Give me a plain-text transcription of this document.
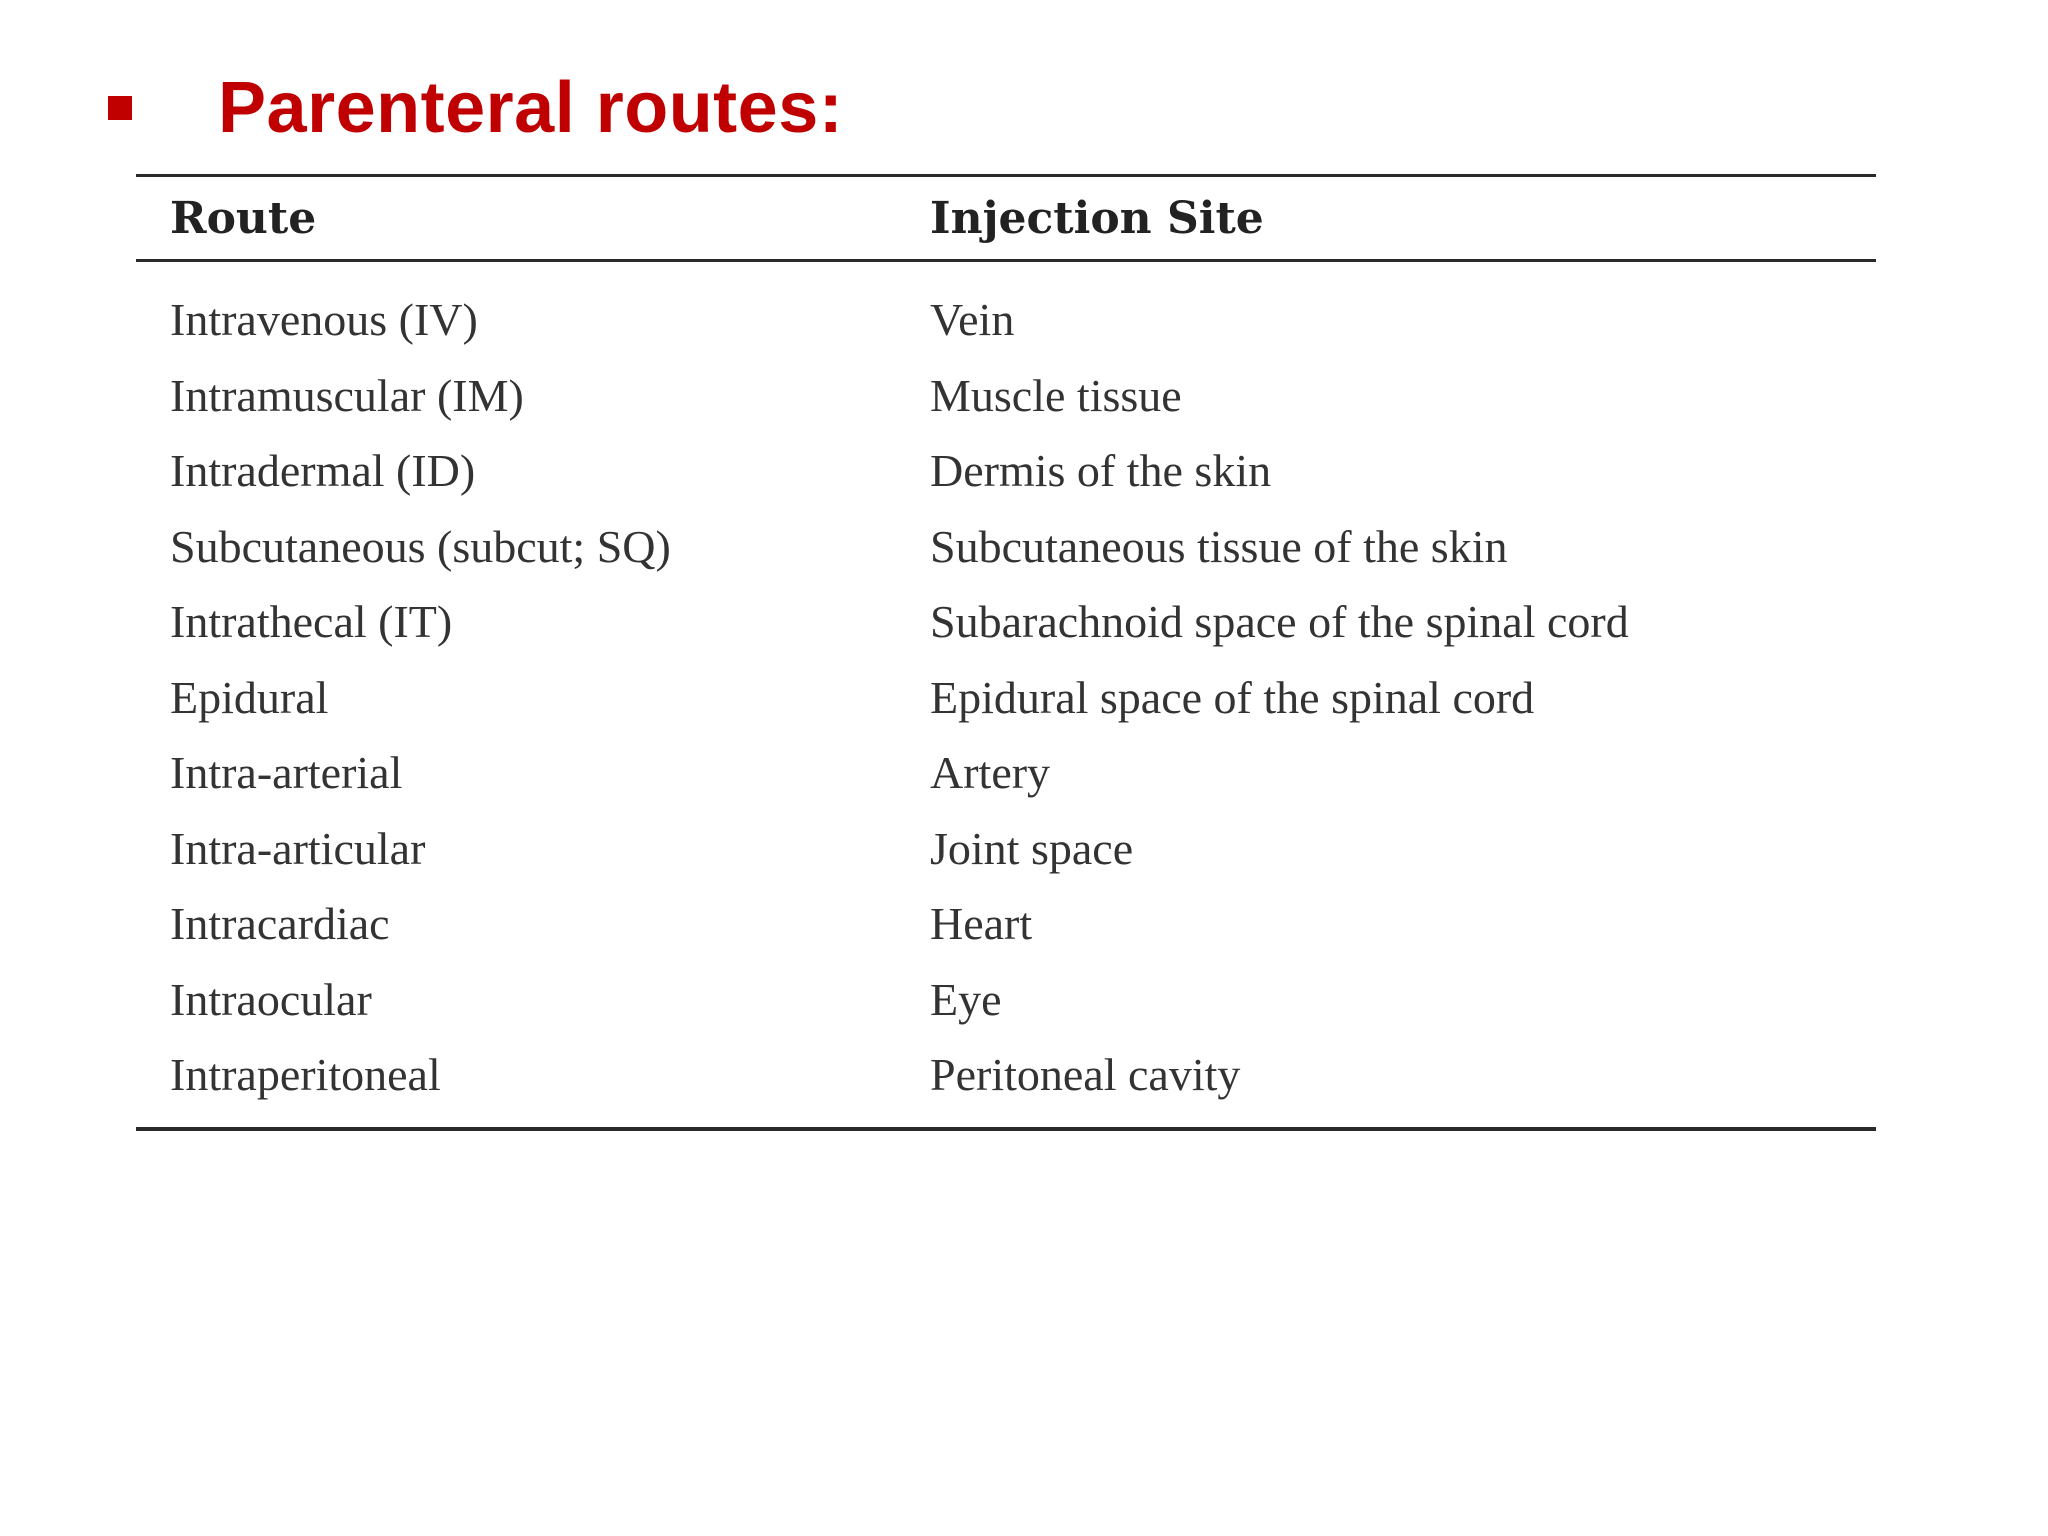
Parenteral routes:
Route	Injection Site
Intravenous (IV)	Vein
Intramuscular (IM)	Muscle tissue
Intradermal (ID)	Dermis of the skin
Subcutaneous (subcut; SQ)	Subcutaneous tissue of the skin
Intrathecal (IT)	Subarachnoid space of the spinal cord
Epidural	Epidural space of the spinal cord
Intra-arterial	Artery
Intra-articular	Joint space
Intracardiac	Heart
Intraocular	Eye
Intraperitoneal	Peritoneal cavity
